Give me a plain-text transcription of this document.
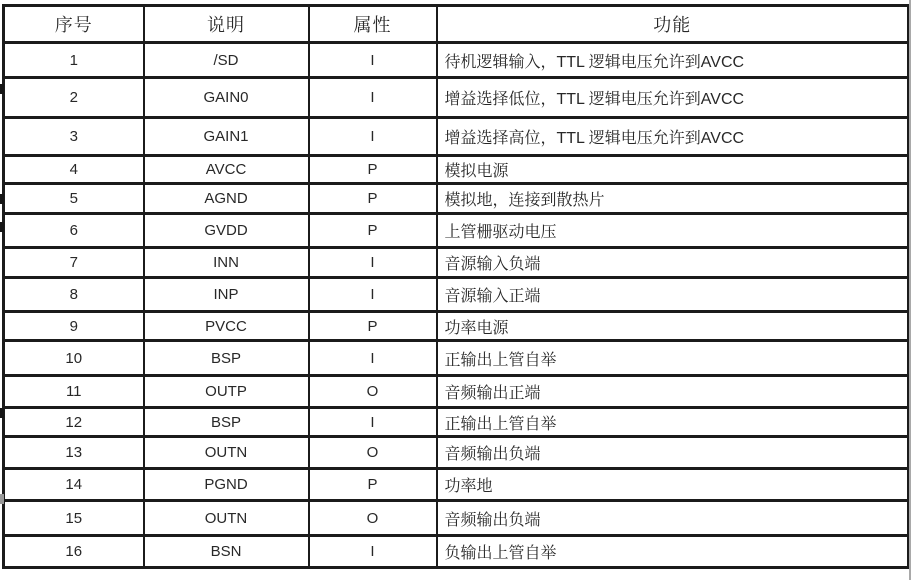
序号	说明	属性	功能
1	/SD	I	待机逻辑输入，TTL 逻辑电压允许到AVCC
2	GAIN0	I	增益选择低位，TTL 逻辑电压允许到AVCC
3	GAIN1	I	增益选择高位，TTL 逻辑电压允许到AVCC
4	AVCC	P	模拟电源
5	AGND	P	模拟地，连接到散热片
6	GVDD	P	上管栅驱动电压
7	INN	I	音源输入负端
8	INP	I	音源输入正端
9	PVCC	P	功率电源
10	BSP	I	正输出上管自举
11	OUTP	O	音频输出正端
12	BSP	I	正输出上管自举
13	OUTN	O	音频输出负端
14	PGND	P	功率地
15	OUTN	O	音频输出负端
16	BSN	I	负输出上管自举
